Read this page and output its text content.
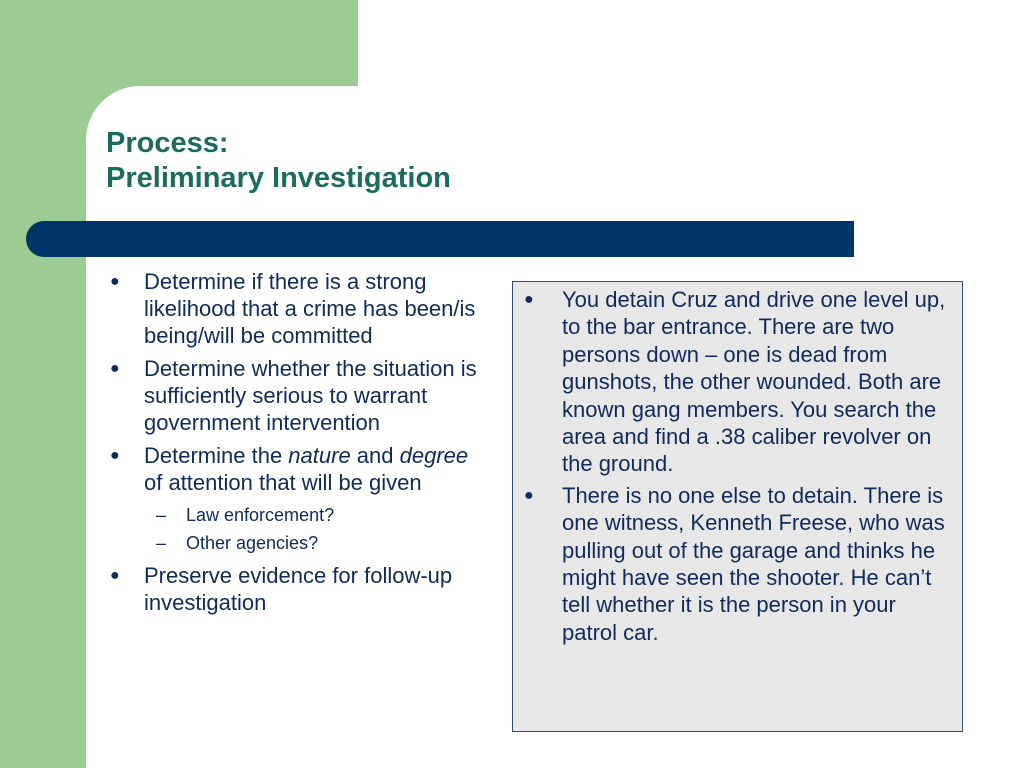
Process:
Preliminary Investigation
● Determine if there is a strong likelihood that a crime has been/is being/will be committed
● Determine whether the situation is sufficiently serious to warrant government intervention
● Determine the nature and degree of attention that will be given
– Law enforcement?
– Other agencies?
● Preserve evidence for follow-up investigation
● You detain Cruz and drive one level up, to the bar entrance. There are two persons down – one is dead from gunshots, the other wounded. Both are known gang members. You search the area and find a .38 caliber revolver on the ground.
● There is no one else to detain. There is one witness, Kenneth Freese, who was pulling out of the garage and thinks he might have seen the shooter. He can’t tell whether it is the person in your patrol car.
